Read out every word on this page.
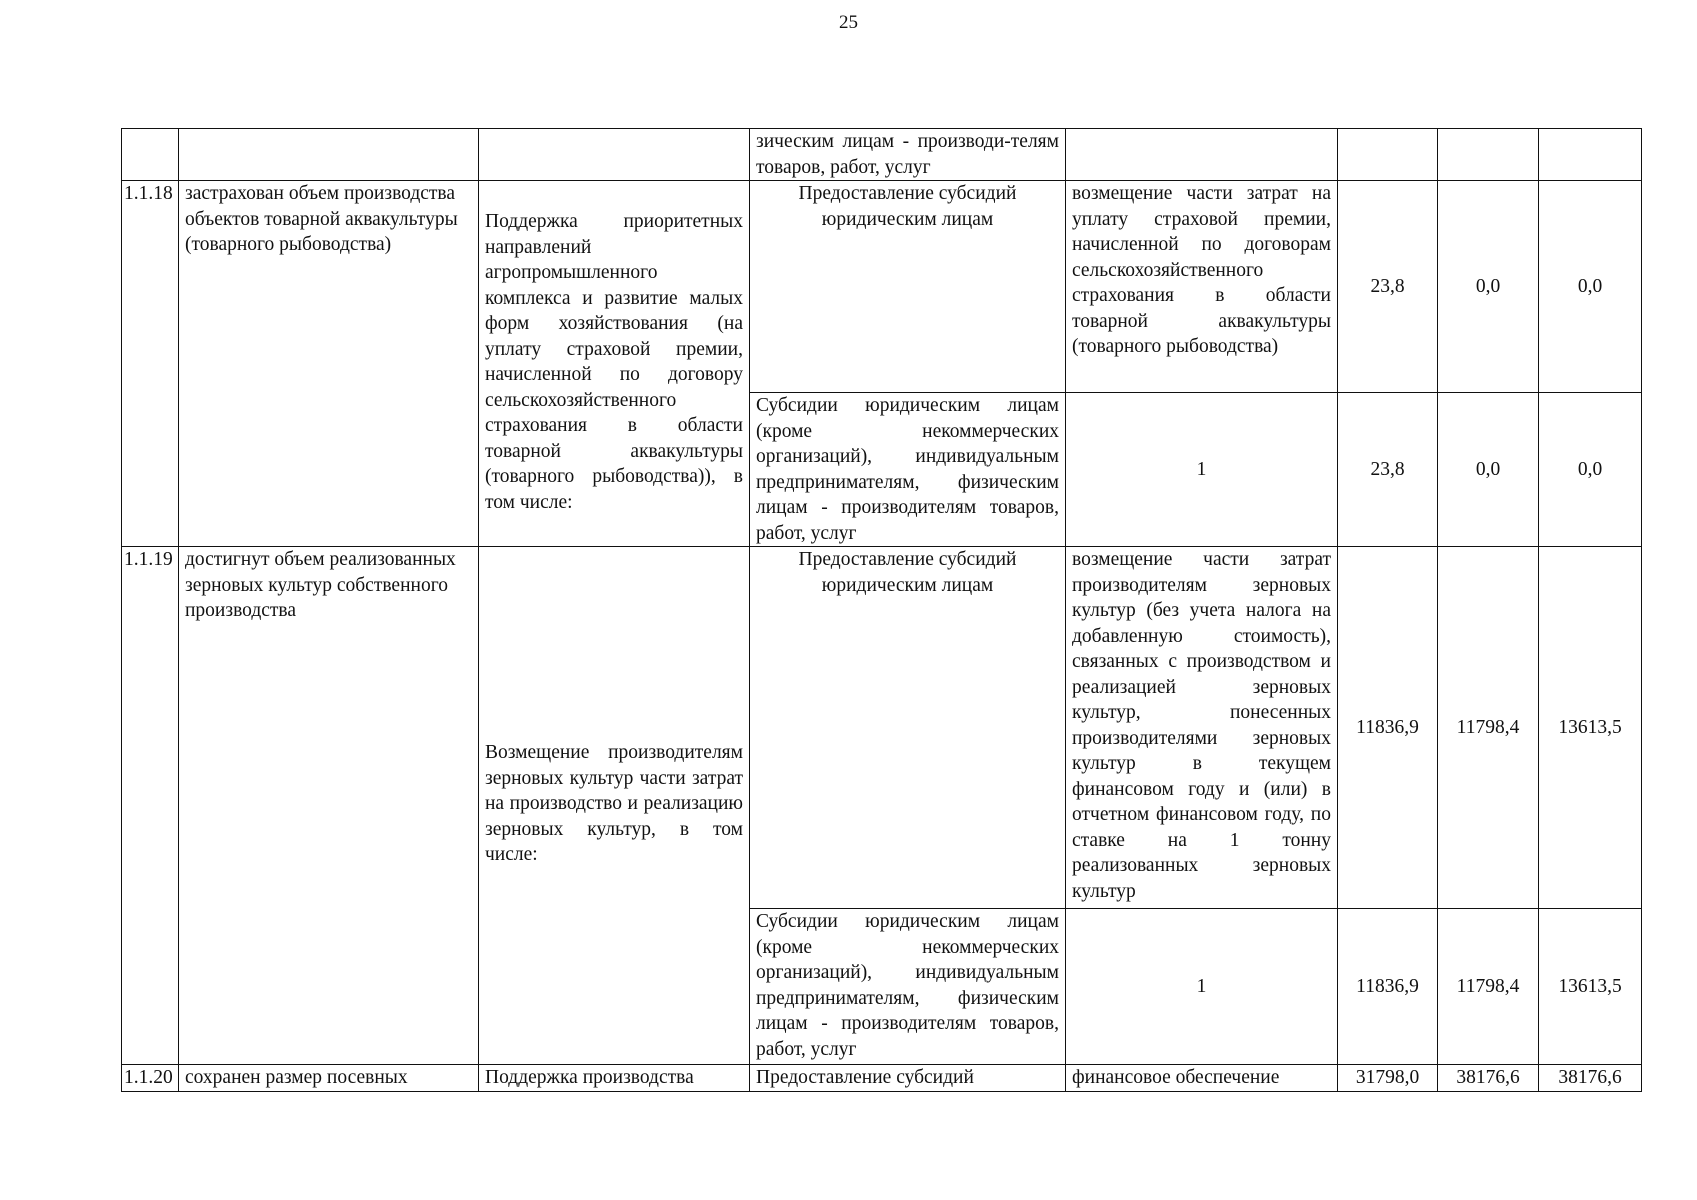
25
			зическим лицам - производи-телям товаров, работ, услуг				
1.1.18	застрахован объем производства объектов товарной аквакультуры (товарного рыбоводства)	Поддержка приоритетных направлений агропромышленного комплекса и развитие малых форм хозяйствования (на уплату страховой премии, начисленной по договору сельскохозяйственного страхования в области товарной аквакультуры (товарного рыбоводства)), в том числе:	Предоставление субсидий юридическим лицам	возмещение части затрат на уплату страховой премии, начисленной по договорам сельскохозяйственного страхования в области товарной аквакультуры (товарного рыбоводства)	23,8	0,0	0,0
			Субсидии юридическим лицам (кроме некоммерческих организаций), индивидуальным предпринимателям, физическим лицам - производителям товаров, работ, услуг	1	23,8	0,0	0,0
1.1.19	достигнут объем реализованных зерновых культур собственного производства	Возмещение производителям зерновых культур части затрат на производство и реализацию зерновых культур, в том числе:	Предоставление субсидий юридическим лицам	возмещение части затрат производителям зерновых культур (без учета налога на добавленную стоимость), связанных с производством и реализацией зерновых культур, понесенных производителями зерновых культур в текущем финансовом году и (или) в отчетном финансовом году, по ставке на 1 тонну реализованных зерновых культур	11836,9	11798,4	13613,5
			Субсидии юридическим лицам (кроме некоммерческих организаций), индивидуальным предпринимателям, физическим лицам - производителям товаров, работ, услуг	1	11836,9	11798,4	13613,5
1.1.20	сохранен размер посевных	Поддержка производства	Предоставление субсидий	финансовое обеспечение	31798,0	38176,6	38176,6
